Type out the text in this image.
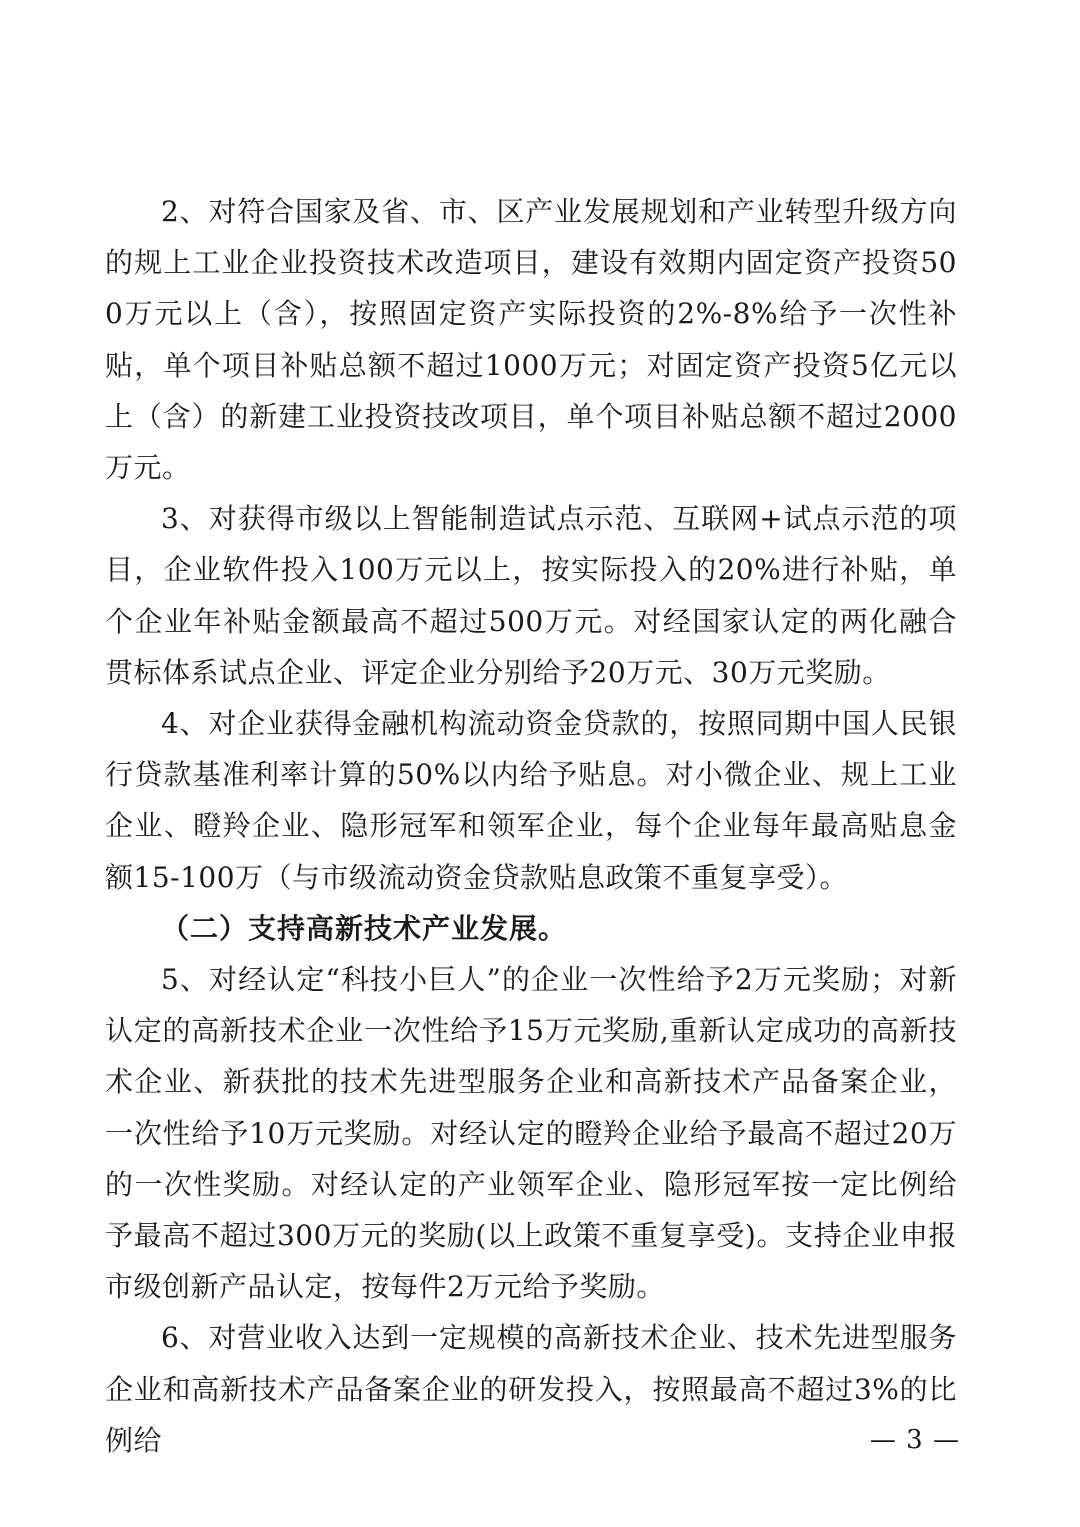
2、对符合国家及省、市、区产业发展规划和产业转型升级方向的规上工业企业投资技术改造项目，建设有效期内固定资产投资500万元以上（含），按照固定资产实际投资的2%-8%给予一次性补贴，单个项目补贴总额不超过1000万元；对固定资产投资5亿元以上（含）的新建工业投资技改项目，单个项目补贴总额不超过2000万元。

3、对获得市级以上智能制造试点示范、互联网+试点示范的项目，企业软件投入100万元以上，按实际投入的20%进行补贴，单个企业年补贴金额最高不超过500万元。对经国家认定的两化融合贯标体系试点企业、评定企业分别给予20万元、30万元奖励。

4、对企业获得金融机构流动资金贷款的，按照同期中国人民银行贷款基准利率计算的50%以内给予贴息。对小微企业、规上工业企业、瞪羚企业、隐形冠军和领军企业，每个企业每年最高贴息金额15-100万（与市级流动资金贷款贴息政策不重复享受）。

（二）支持高新技术产业发展。

5、对经认定“科技小巨人”的企业一次性给予2万元奖励；对新认定的高新技术企业一次性给予15万元奖励,重新认定成功的高新技术企业、新获批的技术先进型服务企业和高新技术产品备案企业，一次性给予10万元奖励。对经认定的瞪羚企业给予最高不超过20万的一次性奖励。对经认定的产业领军企业、隐形冠军按一定比例给予最高不超过300万元的奖励(以上政策不重复享受)。支持企业申报市级创新产品认定，按每件2万元给予奖励。

6、对营业收入达到一定规模的高新技术企业、技术先进型服务企业和高新技术产品备案企业的研发投入，按照最高不超过3%的比例给	— 3 —
